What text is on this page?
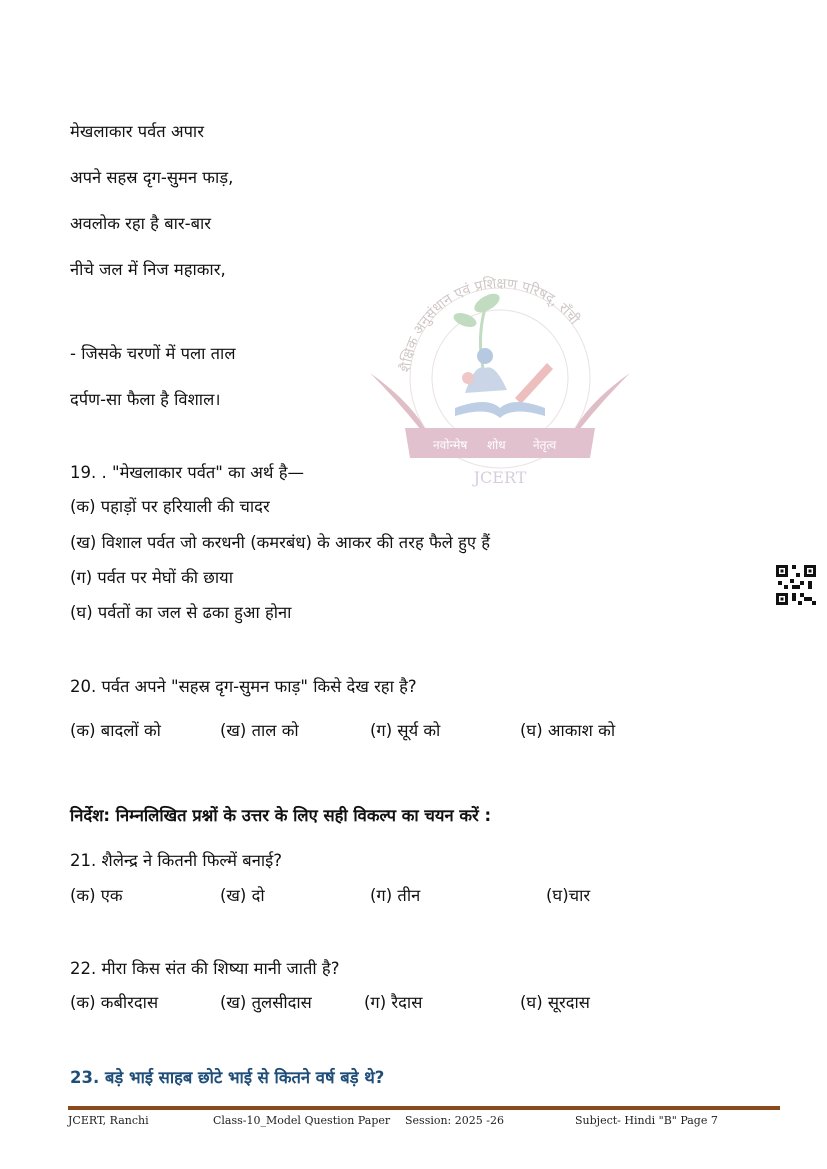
शैक्षिक अनुसंधान एवं प्रशिक्षण परिषद्, राँची
नवोन्मेष शोध नेतृत्व
JCERT
मेखलाकार पर्वत अपार
अपने सहस्र दृग-सुमन फाड़,
अवलोक रहा है बार-बार
नीचे जल में निज महाकार,
- जिसके चरणों में पला ताल
दर्पण-सा फैला है विशाल।
19. . "मेखलाकार पर्वत" का अर्थ है—
(क) पहाड़ों पर हरियाली की चादर
(ख) विशाल पर्वत जो करधनी (कमरबंध) के आकर की तरह फैले हुए हैं
(ग) पर्वत पर मेघों की छाया
(घ) पर्वतों का जल से ढका हुआ होना
20. पर्वत अपने "सहस्र दृग-सुमन फाड़" किसे देख रहा है?
(क) बादलों को	(ख) ताल को	(ग) सूर्य को	(घ) आकाश को
निर्देश: निम्नलिखित प्रश्नों के उत्तर के लिए सही विकल्प का चयन करें :
21. शैलेन्द्र ने कितनी फिल्में बनाई?
(क) एक	(ख) दो	(ग) तीन	(घ)चार
22. मीरा किस संत की शिष्या मानी जाती है?
(क) कबीरदास	(ख) तुलसीदास	(ग) रैदास	(घ) सूरदास
23. बड़े भाई साहब छोटे भाई से कितने वर्ष बड़े थे?
JCERT, Ranchi	Class-10_Model Question Paper Session: 2025 -26	Subject- Hindi "B" Page 7
